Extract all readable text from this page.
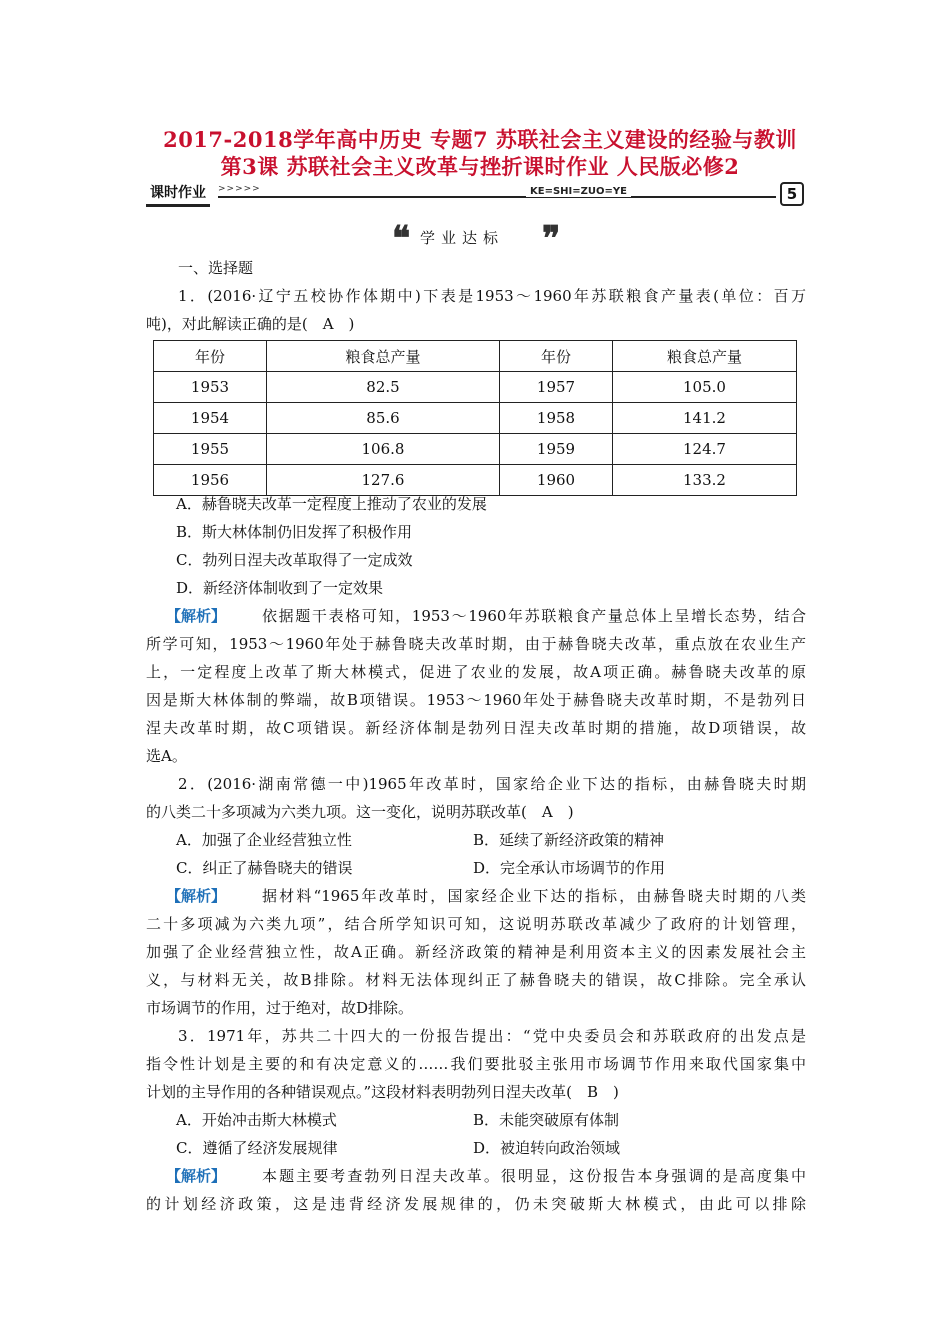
2017-2018学年高中历史 专题7 苏联社会主义建设的经验与教训
第3课 苏联社会主义改革与挫折课时作业 人民版必修2
课时作业	>>>>>	KE=SHI=ZUO=YE	5
❝ 学业达标 ❞
一、选择题
1．(2016·辽宁五校协作体期中)下表是1953～1960年苏联粮食产量表(单位：百万
吨)，对此解读正确的是(　A　)
年份	粮食总产量	年份	粮食总产量
1953	82.5	1957	105.0
1954	85.6	1958	141.2
1955	106.8	1959	124.7
1956	127.6	1960	133.2
A．赫鲁晓夫改革一定程度上推动了农业的发展
B．斯大林体制仍旧发挥了积极作用
C．勃列日涅夫改革取得了一定成效
D．新经济体制收到了一定效果
【解析】 依据题干表格可知，1953～1960年苏联粮食产量总体上呈增长态势，结合
所学可知，1953～1960年处于赫鲁晓夫改革时期，由于赫鲁晓夫改革，重点放在农业生产
上，一定程度上改革了斯大林模式，促进了农业的发展，故A项正确。赫鲁晓夫改革的原
因是斯大林体制的弊端，故B项错误。1953～1960年处于赫鲁晓夫改革时期，不是勃列日
涅夫改革时期，故C项错误。新经济体制是勃列日涅夫改革时期的措施，故D项错误，故
选A。
2．(2016·湖南常德一中)1965年改革时，国家给企业下达的指标，由赫鲁晓夫时期
的八类二十多项减为六类九项。这一变化，说明苏联改革(　A　)
A．加强了企业经营独立性	B．延续了新经济政策的精神
C．纠正了赫鲁晓夫的错误	D．完全承认市场调节的作用
【解析】 据材料“1965年改革时，国家经企业下达的指标，由赫鲁晓夫时期的八类
二十多项减为六类九项”，结合所学知识可知，这说明苏联改革减少了政府的计划管理，
加强了企业经营独立性，故A正确。新经济政策的精神是利用资本主义的因素发展社会主
义，与材料无关，故B排除。材料无法体现纠正了赫鲁晓夫的错误，故C排除。完全承认
市场调节的作用，过于绝对，故D排除。
3．1971年，苏共二十四大的一份报告提出：“党中央委员会和苏联政府的出发点是
指令性计划是主要的和有决定意义的……我们要批驳主张用市场调节作用来取代国家集中
计划的主导作用的各种错误观点。”这段材料表明勃列日涅夫改革(　B　)
A．开始冲击斯大林模式	B．未能突破原有体制
C．遵循了经济发展规律	D．被迫转向政治领域
【解析】 本题主要考查勃列日涅夫改革。很明显，这份报告本身强调的是高度集中
的计划经济政策，这是违背经济发展规律的，仍未突破斯大林模式，由此可以排除
